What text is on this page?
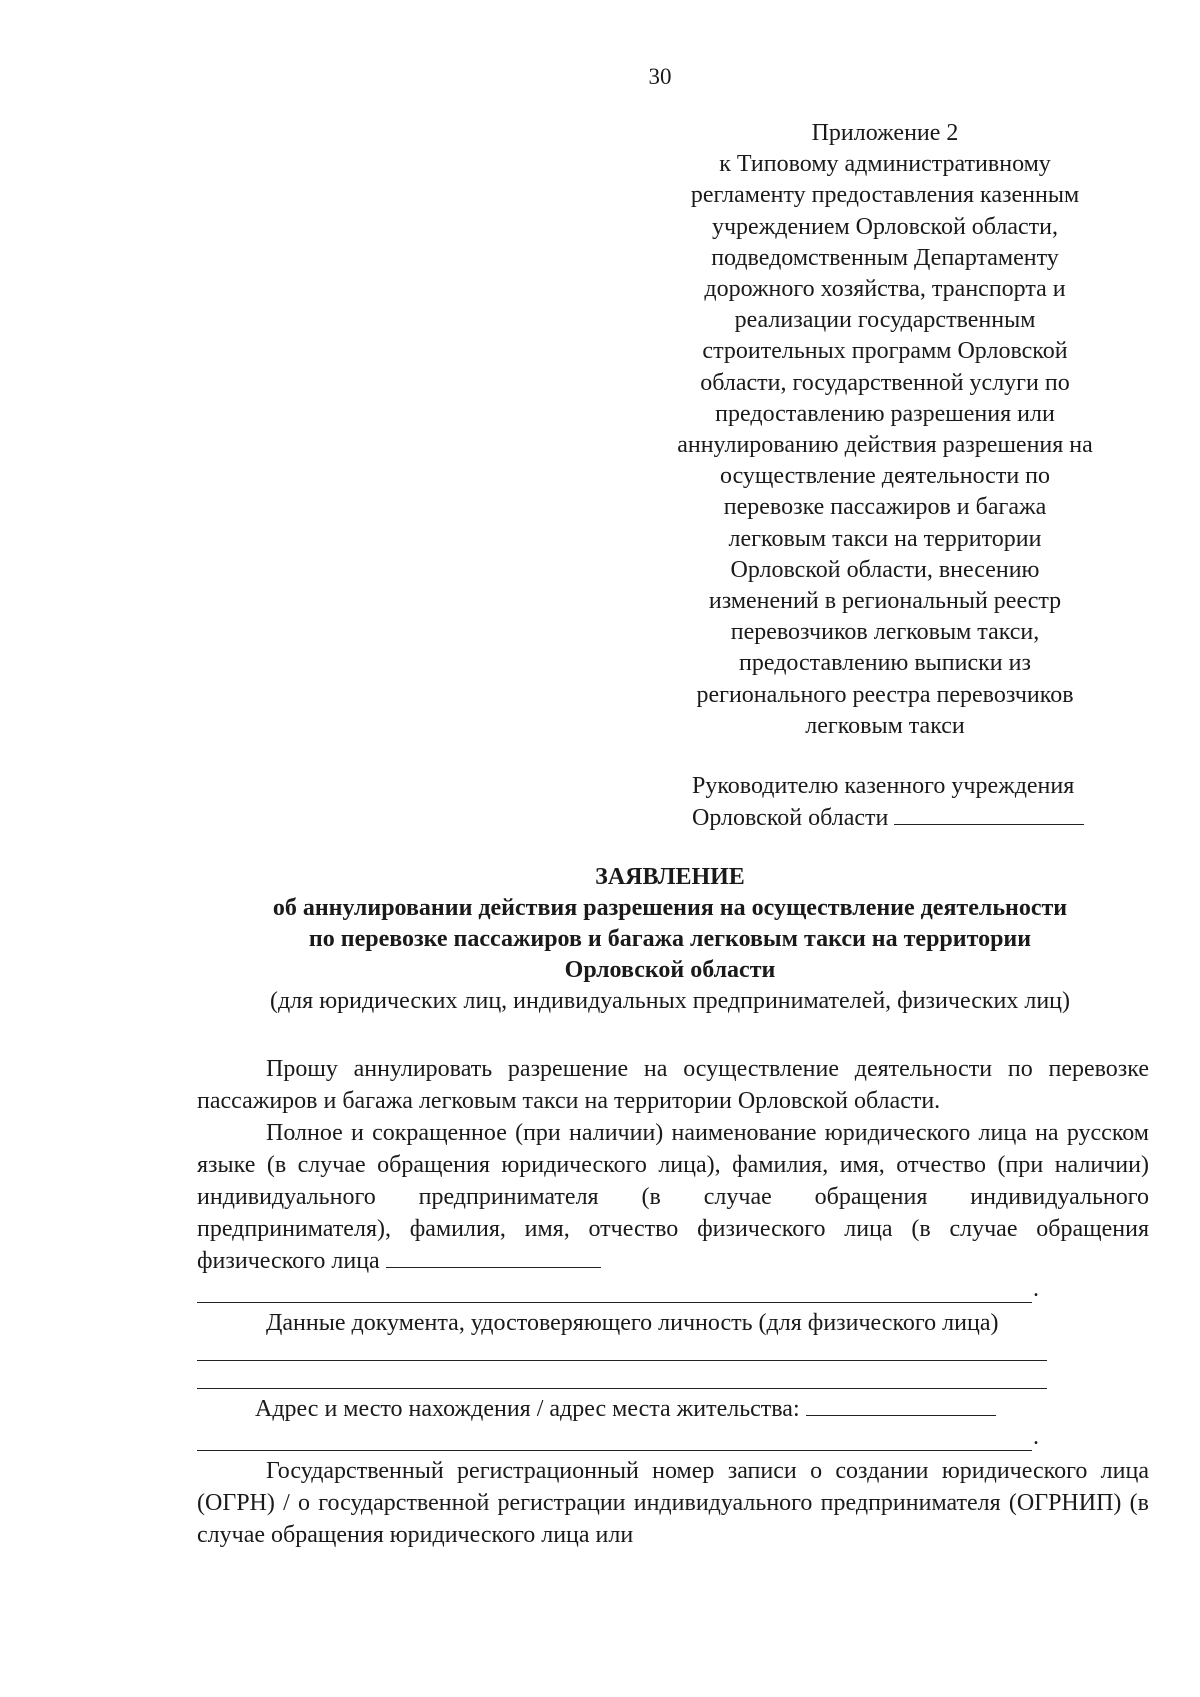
30
Приложение 2
к Типовому административному
регламенту предоставления казенным
учреждением Орловской области,
подведомственным Департаменту
дорожного хозяйства, транспорта и
реализации государственным
строительных программ Орловской
области, государственной услуги по
предоставлению разрешения или
аннулированию действия разрешения на
осуществление деятельности по
перевозке пассажиров и багажа
легковым такси на территории
Орловской области, внесению
изменений в региональный реестр
перевозчиков легковым такси,
предоставлению выписки из
регионального реестра перевозчиков
легковым такси
Руководителю казенного учреждения
Орловской области
ЗАЯВЛЕНИЕ
об аннулировании действия разрешения на осуществление деятельности
по перевозке пассажиров и багажа легковым такси на территории
Орловской области
(для юридических лиц, индивидуальных предпринимателей, физических лиц)

Прошу аннулировать разрешение на осуществление деятельности по перевозке пассажиров и багажа легковым такси на территории Орловской области.

Полное и сокращенное (при наличии) наименование юридического лица на русском языке (в случае обращения юридического лица), фамилия, имя, отчество (при наличии) индивидуального предпринимателя (в случае обращения индивидуального предпринимателя), фамилия, имя, отчество физического лица (в случае обращения физического лица

.

Данные документа, удостоверяющего личность (для физического лица)

Адрес и место нахождения / адрес места жительства:

.

Государственный регистрационный номер записи о создании юридического лица (ОГРН) / о государственной регистрации индивидуального предпринимателя (ОГРНИП) (в случае обращения юридического лица или
